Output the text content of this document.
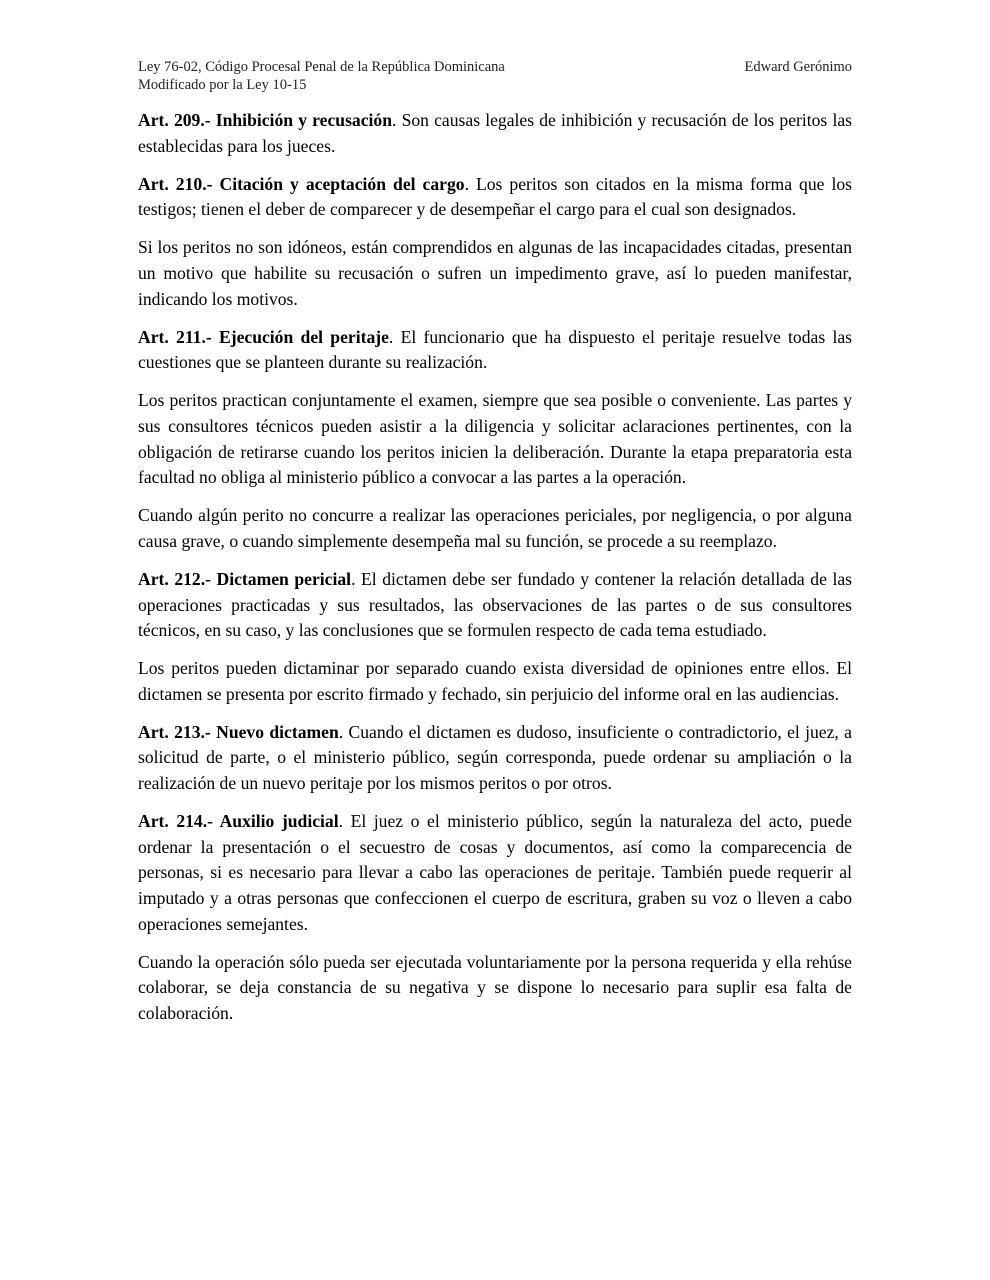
Ley 76-02, Código Procesal Penal de la República Dominicana
Modificado por la Ley 10-15
Edward Gerónimo

Art. 209.- Inhibición y recusación. Son causas legales de inhibición y recusación de los peritos las establecidas para los jueces.

Art. 210.- Citación y aceptación del cargo. Los peritos son citados en la misma forma que los testigos; tienen el deber de comparecer y de desempeñar el cargo para el cual son designados.

Si los peritos no son idóneos, están comprendidos en algunas de las incapacidades citadas, presentan un motivo que habilite su recusación o sufren un impedimento grave, así lo pueden manifestar, indicando los motivos.

Art. 211.- Ejecución del peritaje. El funcionario que ha dispuesto el peritaje resuelve todas las cuestiones que se planteen durante su realización.

Los peritos practican conjuntamente el examen, siempre que sea posible o conveniente. Las partes y sus consultores técnicos pueden asistir a la diligencia y solicitar aclaraciones pertinentes, con la obligación de retirarse cuando los peritos inicien la deliberación. Durante la etapa preparatoria esta facultad no obliga al ministerio público a convocar a las partes a la operación.

Cuando algún perito no concurre a realizar las operaciones periciales, por negligencia, o por alguna causa grave, o cuando simplemente desempeña mal su función, se procede a su reemplazo.

Art. 212.- Dictamen pericial. El dictamen debe ser fundado y contener la relación detallada de las operaciones practicadas y sus resultados, las observaciones de las partes o de sus consultores técnicos, en su caso, y las conclusiones que se formulen respecto de cada tema estudiado.

Los peritos pueden dictaminar por separado cuando exista diversidad de opiniones entre ellos. El dictamen se presenta por escrito firmado y fechado, sin perjuicio del informe oral en las audiencias.

Art. 213.- Nuevo dictamen. Cuando el dictamen es dudoso, insuficiente o contradictorio, el juez, a solicitud de parte, o el ministerio público, según corresponda, puede ordenar su ampliación o la realización de un nuevo peritaje por los mismos peritos o por otros.

Art. 214.- Auxilio judicial. El juez o el ministerio público, según la naturaleza del acto, puede ordenar la presentación o el secuestro de cosas y documentos, así como la comparecencia de personas, si es necesario para llevar a cabo las operaciones de peritaje. También puede requerir al imputado y a otras personas que confeccionen el cuerpo de escritura, graben su voz o lleven a cabo operaciones semejantes.

Cuando la operación sólo pueda ser ejecutada voluntariamente por la persona requerida y ella rehúse colaborar, se deja constancia de su negativa y se dispone lo necesario para suplir esa falta de colaboración.
